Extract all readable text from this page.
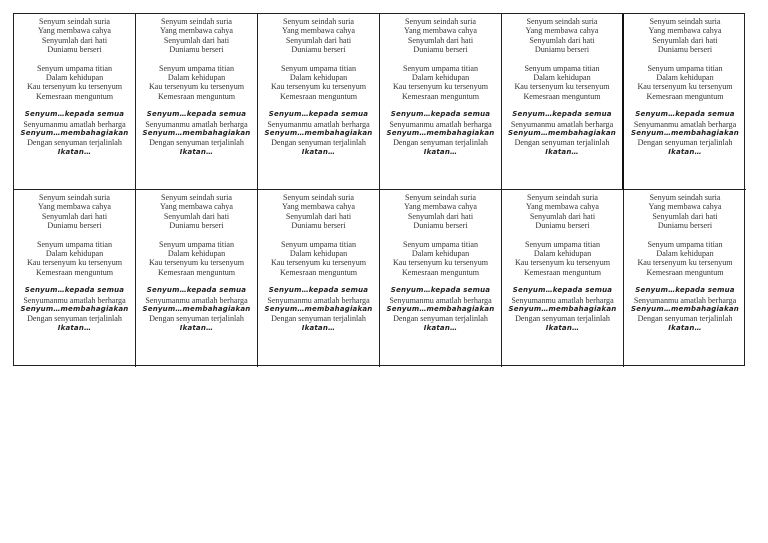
Senyum seindah suria
Yang membawa cahya
Senyumlah dari hati
Duniamu berseri
Senyum umpama titian
Dalam kehidupan
Kau tersenyum ku tersenyum
Kemesraan menguntum
Senyum…kepada semua
Senyumanmu amatlah berharga
Senyum…membahagiakan
Dengan senyuman terjalinlah
Ikatan…
Senyum seindah suria
Yang membawa cahya
Senyumlah dari hati
Duniamu berseri
Senyum umpama titian
Dalam kehidupan
Kau tersenyum ku tersenyum
Kemesraan menguntum
Senyum…kepada semua
Senyumanmu amatlah berharga
Senyum…membahagiakan
Dengan senyuman terjalinlah
Ikatan…
Senyum seindah suria
Yang membawa cahya
Senyumlah dari hati
Duniamu berseri
Senyum umpama titian
Dalam kehidupan
Kau tersenyum ku tersenyum
Kemesraan menguntum
Senyum…kepada semua
Senyumanmu amatlah berharga
Senyum…membahagiakan
Dengan senyuman terjalinlah
Ikatan…
Senyum seindah suria
Yang membawa cahya
Senyumlah dari hati
Duniamu berseri
Senyum umpama titian
Dalam kehidupan
Kau tersenyum ku tersenyum
Kemesraan menguntum
Senyum…kepada semua
Senyumanmu amatlah berharga
Senyum…membahagiakan
Dengan senyuman terjalinlah
Ikatan…
Senyum seindah suria
Yang membawa cahya
Senyumlah dari hati
Duniamu berseri
Senyum umpama titian
Dalam kehidupan
Kau tersenyum ku tersenyum
Kemesraan menguntum
Senyum…kepada semua
Senyumanmu amatlah berharga
Senyum…membahagiakan
Dengan senyuman terjalinlah
Ikatan…
Senyum seindah suria
Yang membawa cahya
Senyumlah dari hati
Duniamu berseri
Senyum umpama titian
Dalam kehidupan
Kau tersenyum ku tersenyum
Kemesraan menguntum
Senyum…kepada semua
Senyumanmu amatlah berharga
Senyum…membahagiakan
Dengan senyuman terjalinlah
Ikatan…
Senyum seindah suria
Yang membawa cahya
Senyumlah dari hati
Duniamu berseri
Senyum umpama titian
Dalam kehidupan
Kau tersenyum ku tersenyum
Kemesraan menguntum
Senyum…kepada semua
Senyumanmu amatlah berharga
Senyum…membahagiakan
Dengan senyuman terjalinlah
Ikatan…
Senyum seindah suria
Yang membawa cahya
Senyumlah dari hati
Duniamu berseri
Senyum umpama titian
Dalam kehidupan
Kau tersenyum ku tersenyum
Kemesraan menguntum
Senyum…kepada semua
Senyumanmu amatlah berharga
Senyum…membahagiakan
Dengan senyuman terjalinlah
Ikatan…
Senyum seindah suria
Yang membawa cahya
Senyumlah dari hati
Duniamu berseri
Senyum umpama titian
Dalam kehidupan
Kau tersenyum ku tersenyum
Kemesraan menguntum
Senyum…kepada semua
Senyumanmu amatlah berharga
Senyum…membahagiakan
Dengan senyuman terjalinlah
Ikatan…
Senyum seindah suria
Yang membawa cahya
Senyumlah dari hati
Duniamu berseri
Senyum umpama titian
Dalam kehidupan
Kau tersenyum ku tersenyum
Kemesraan menguntum
Senyum…kepada semua
Senyumanmu amatlah berharga
Senyum…membahagiakan
Dengan senyuman terjalinlah
Ikatan…
Senyum seindah suria
Yang membawa cahya
Senyumlah dari hati
Duniamu berseri
Senyum umpama titian
Dalam kehidupan
Kau tersenyum ku tersenyum
Kemesraan menguntum
Senyum…kepada semua
Senyumanmu amatlah berharga
Senyum…membahagiakan
Dengan senyuman terjalinlah
Ikatan…
Senyum seindah suria
Yang membawa cahya
Senyumlah dari hati
Duniamu berseri
Senyum umpama titian
Dalam kehidupan
Kau tersenyum ku tersenyum
Kemesraan menguntum
Senyum…kepada semua
Senyumanmu amatlah berharga
Senyum…membahagiakan
Dengan senyuman terjalinlah
Ikatan…
